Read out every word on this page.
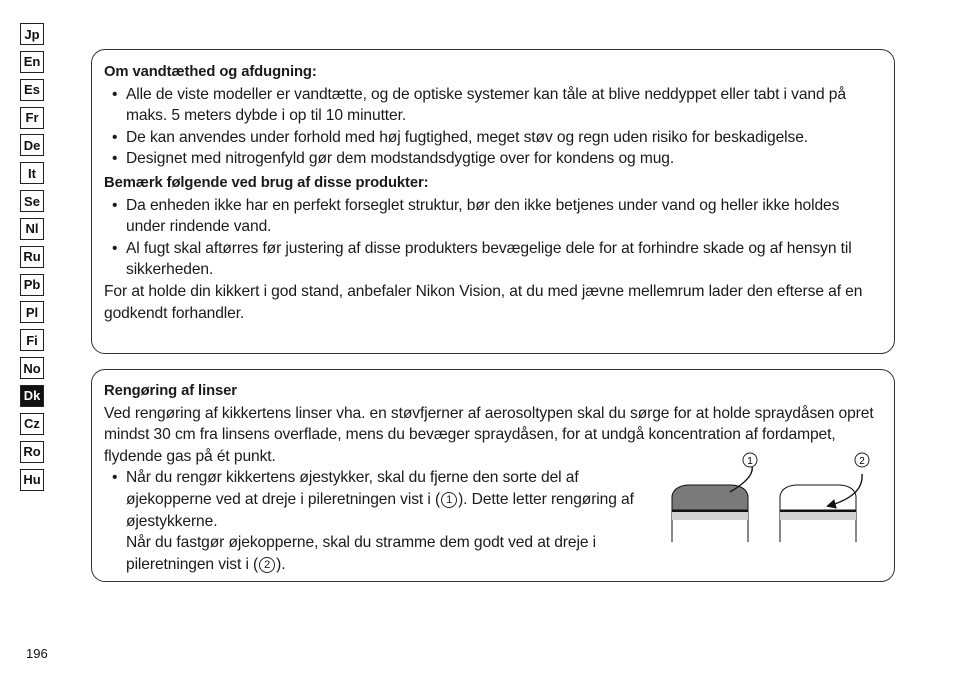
Jp
En
Es
Fr
De
It
Se
Nl
Ru
Pb
Pl
Fi
No
Dk
Cz
Ro
Hu
Om vandtæthed og afdugning:
• Alle de viste modeller er vandtætte, og de optiske systemer kan tåle at blive neddyppet eller tabt i vand på maks. 5 meters dybde i op til 10 minutter.
• De kan anvendes under forhold med høj fugtighed, meget støv og regn uden risiko for beskadigelse.
• Designet med nitrogenfyld gør dem modstandsdygtige over for kondens og mug.
Bemærk følgende ved brug af disse produkter:
• Da enheden ikke har en perfekt forseglet struktur, bør den ikke betjenes under vand og heller ikke holdes under rindende vand.
• Al fugt skal aftørres før justering af disse produkters bevægelige dele for at forhindre skade og af hensyn til sikkerheden.
For at holde din kikkert i god stand, anbefaler Nikon Vision, at du med jævne mellemrum lader den efterse af en godkendt forhandler.
Rengøring af linser
Ved rengøring af kikkertens linser vha. en støvfjerner af aerosoltypen skal du sørge for at holde spraydåsen opret mindst 30 cm fra linsens overflade, mens du bevæger spraydåsen, for at undgå koncentration af fordampet, flydende gas på ét punkt.
• Når du rengør kikkertens øjestykker, skal du fjerne den sorte del af øjekopperne ved at dreje i pileretningen vist i ( 1 ). Dette letter rengøring af øjestykkerne.
Når du fastgør øjekopperne, skal du stramme dem godt ved at dreje i pileretningen vist i ( 2 ).
1	2
196
